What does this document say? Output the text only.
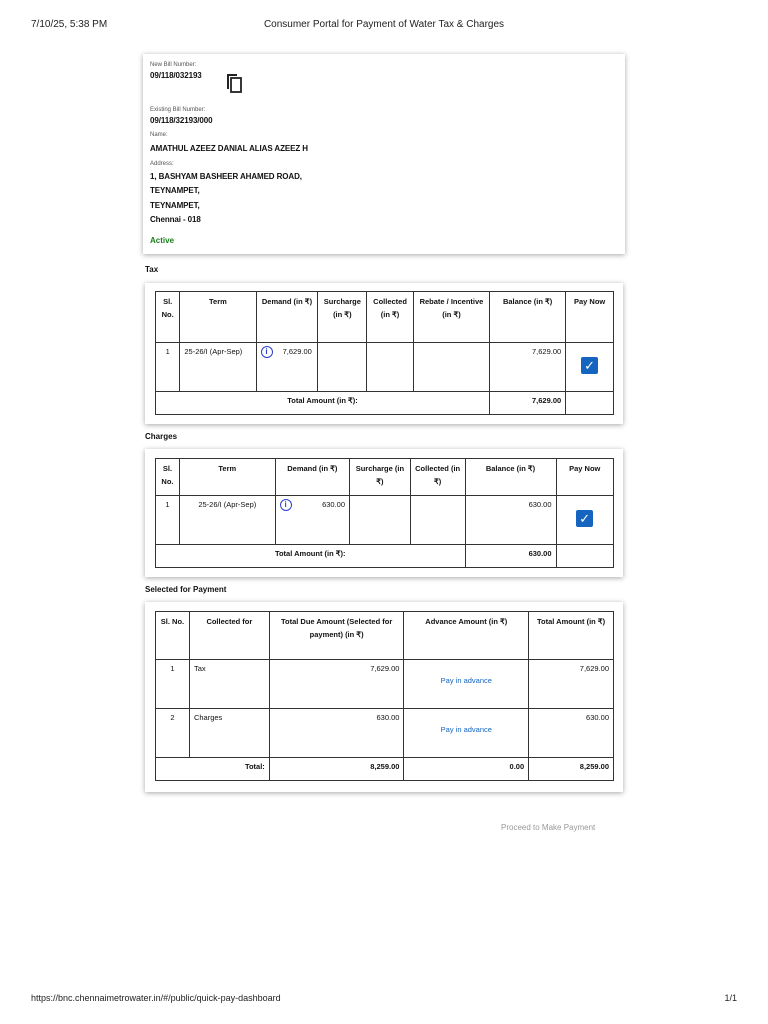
7/10/25, 5:38 PM	Consumer Portal for Payment of Water Tax & Charges
New Bill Number:
09/118/032193
Existing Bill Number:
09/118/32193/000
Name:
AMATHUL AZEEZ DANIAL ALIAS AZEEZ H
Address:
1, BASHYAM BASHEER AHAMED ROAD,
TEYNAMPET,
TEYNAMPET,
Chennai - 018
Active
Tax
Sl. No.	Term	Demand (in ₹)	Surcharge (in ₹)	Collected (in ₹)	Rebate / Incentive (in ₹)	Balance (in ₹)	Pay Now
1	25-26/I (Apr-Sep)	i 7,629.00				7,629.00	✓

Total Amount (in ₹):						7,629.00	
Charges
Sl. No.	Term	Demand (in ₹)	Surcharge (in ₹)	Collected (in ₹)	Balance (in ₹)	Pay Now
1	25-26/I (Apr-Sep)	i 630.00			630.00	✓

Total Amount (in ₹):					630.00	
Selected for Payment
Sl. No.	Collected for	Total Due Amount (Selected for payment) (in ₹)	Advance Amount (in ₹)	Total Amount (in ₹)
1	Tax	7,629.00	Pay in advance	7,629.00
2	Charges	630.00	Pay in advance	630.00
Total:		8,259.00	0.00	8,259.00
Proceed to Make Payment
https://bnc.chennaimetrowater.in/#/public/quick-pay-dashboard	1/1
